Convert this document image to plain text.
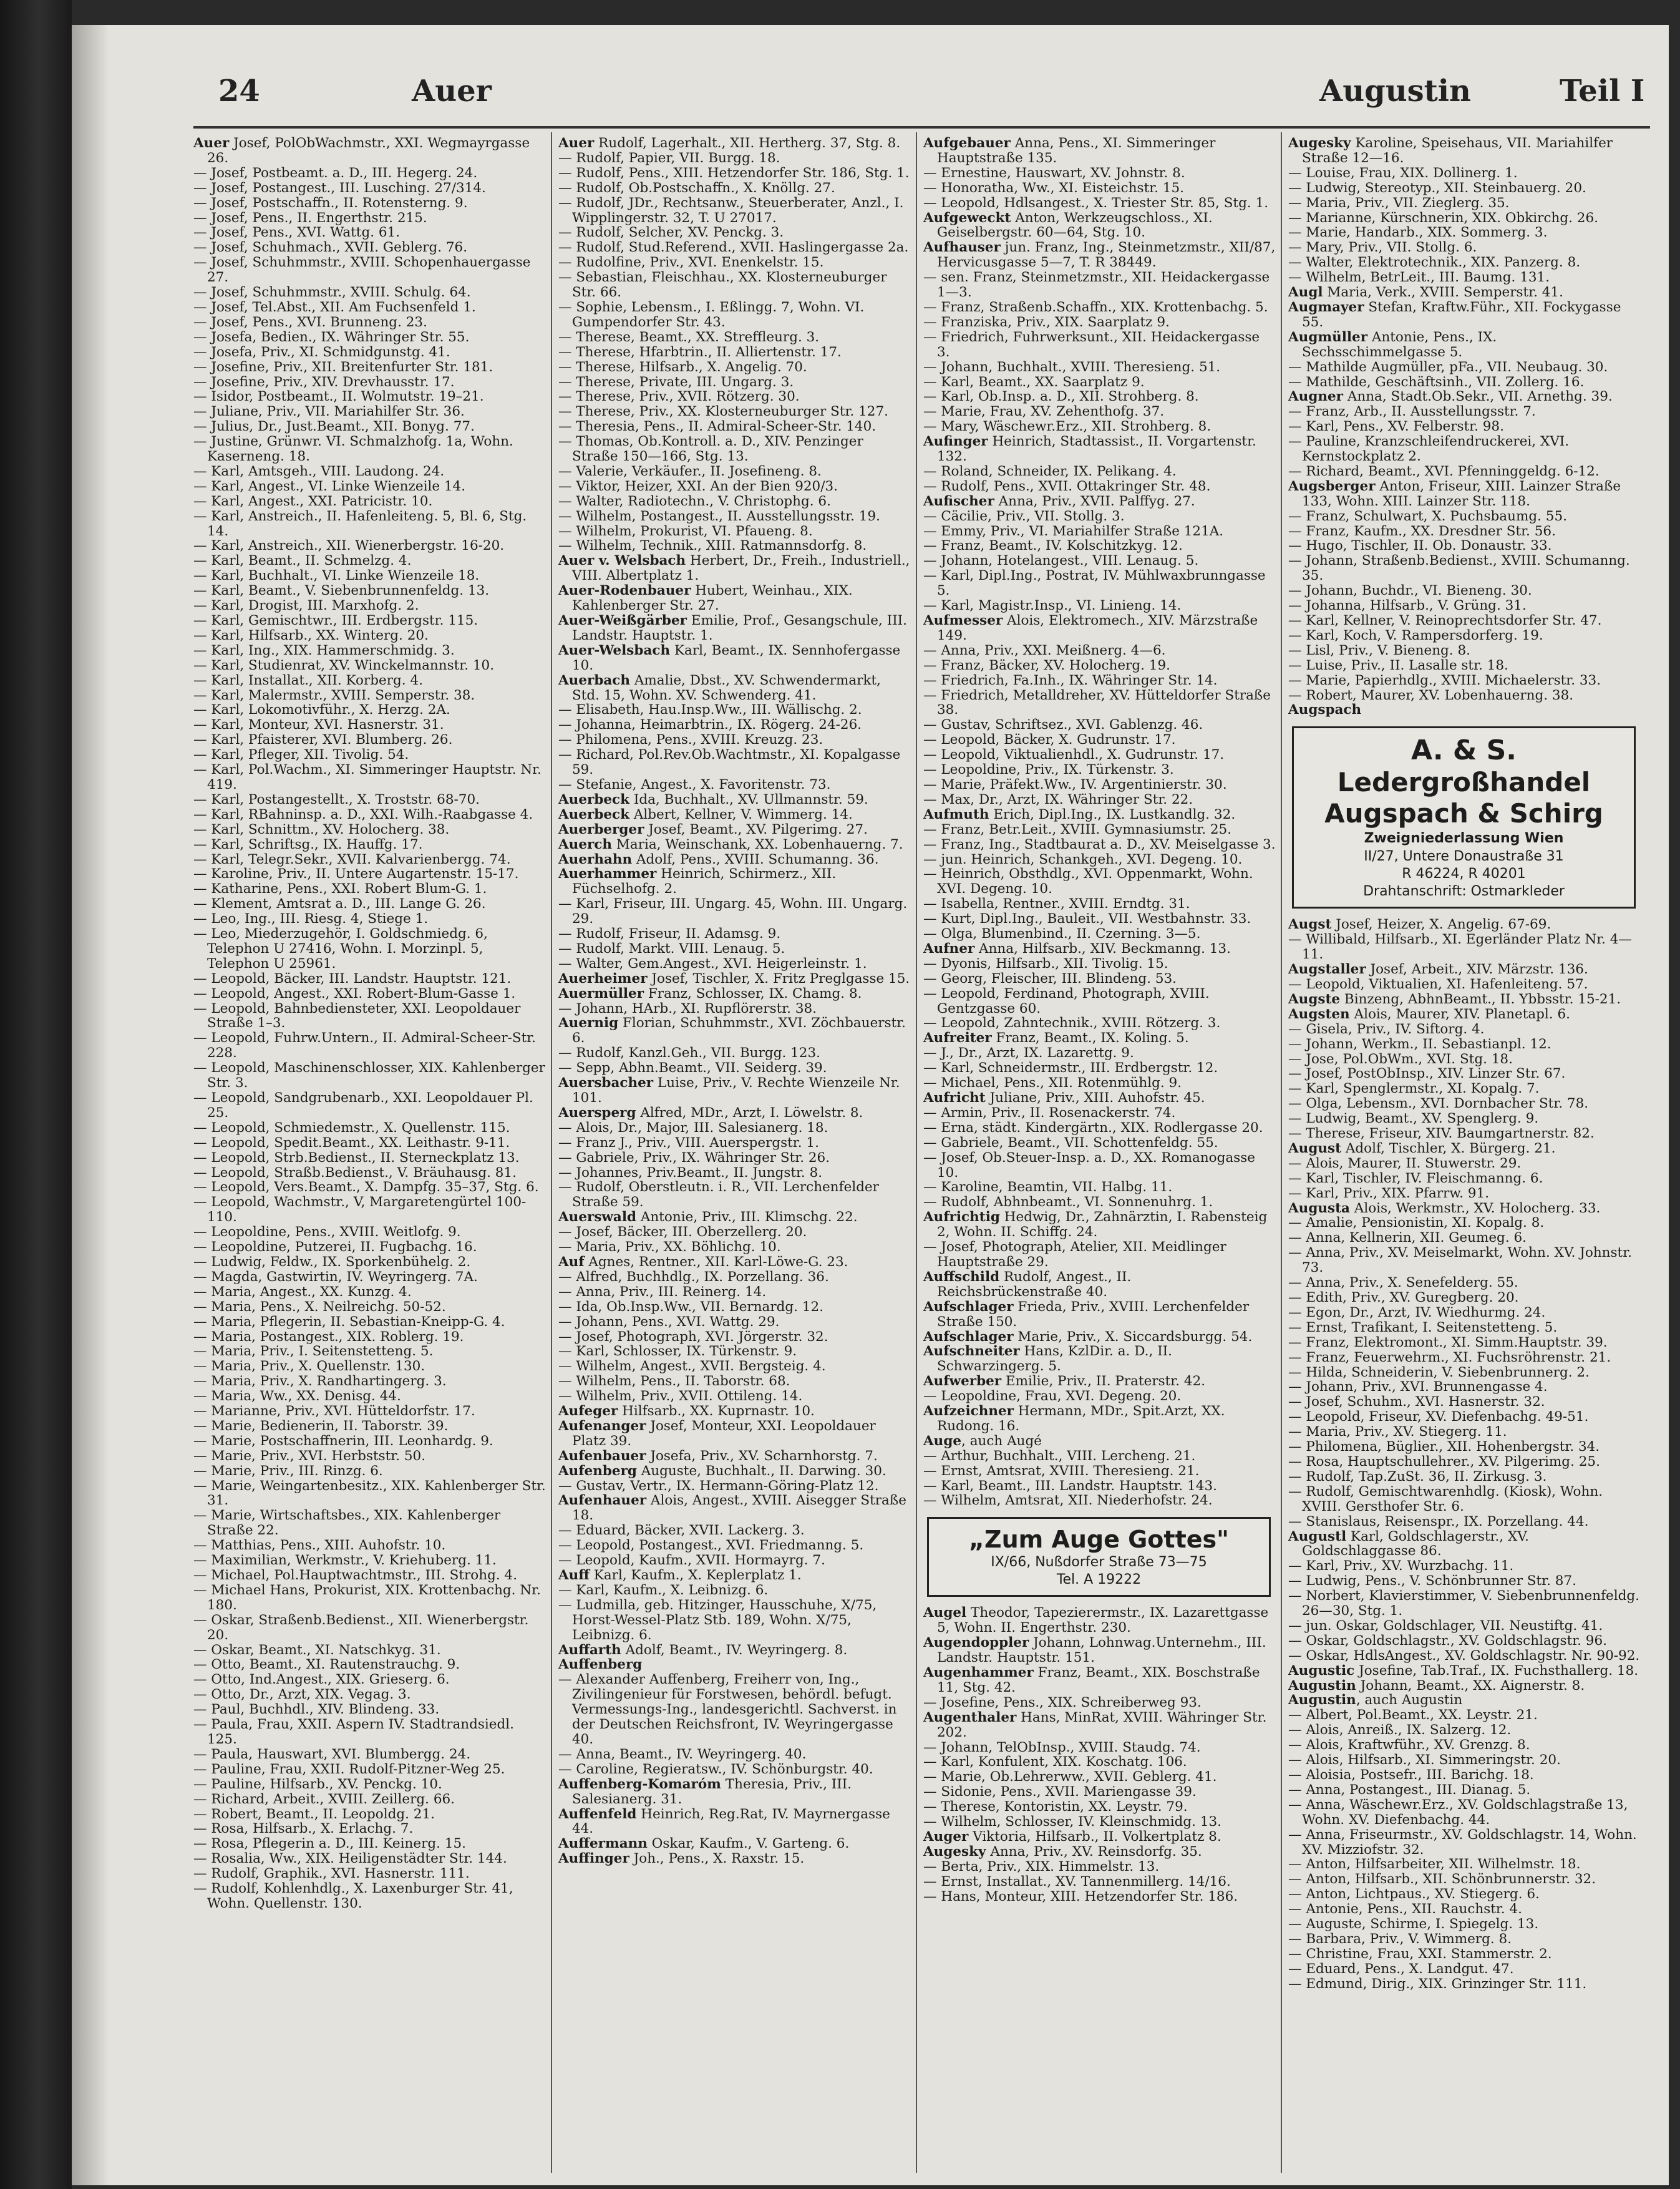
24	Auer	Augustin	Teil I

Auer Josef, PolObWachmstr., XXI. Wegmayrgasse 26.

— Josef, Postbeamt. a. D., III. Hegerg. 24.

— Josef, Postangest., III. Lusching. 27/314.

— Josef, Postschaffn., II. Rotensterng. 9.

— Josef, Pens., II. Engerthstr. 215.

— Josef, Pens., XVI. Wattg. 61.

— Josef, Schuhmach., XVII. Geblerg. 76.

— Josef, Schuhmmstr., XVIII. Schopenhauergasse 27.

— Josef, Schuhmmstr., XVIII. Schulg. 64.

— Josef, Tel.Abst., XII. Am Fuchsenfeld 1.

— Josef, Pens., XVI. Brunneng. 23.

— Josefa, Bedien., IX. Währinger Str. 55.

— Josefa, Priv., XI. Schmidgunstg. 41.

— Josefine, Priv., XII. Breitenfurter Str. 181.

— Josefine, Priv., XIV. Drevhausstr. 17.

— Isidor, Postbeamt., II. Wolmutstr. 19–21.

— Juliane, Priv., VII. Mariahilfer Str. 36.

— Julius, Dr., Just.Beamt., XII. Bonyg. 77.

— Justine, Grünwr. VI. Schmalzhofg. 1a, Wohn. Kaserneng. 18.

— Karl, Amtsgeh., VIII. Laudong. 24.

— Karl, Angest., VI. Linke Wienzeile 14.

— Karl, Angest., XXI. Patricistr. 10.

— Karl, Anstreich., II. Hafenleiteng. 5, Bl. 6, Stg. 14.

— Karl, Anstreich., XII. Wienerbergstr. 16-20.

— Karl, Beamt., II. Schmelzg. 4.

— Karl, Buchhalt., VI. Linke Wienzeile 18.

— Karl, Beamt., V. Siebenbrunnenfeldg. 13.

— Karl, Drogist, III. Marxhofg. 2.

— Karl, Gemischtwr., III. Erdbergstr. 115.

— Karl, Hilfsarb., XX. Winterg. 20.

— Karl, Ing., XIX. Hammerschmidg. 3.

— Karl, Studienrat, XV. Winckelmannstr. 10.

— Karl, Installat., XII. Korberg. 4.

— Karl, Malermstr., XVIII. Semperstr. 38.

— Karl, Lokomotivführ., X. Herzg. 2A.

— Karl, Monteur, XVI. Hasnerstr. 31.

— Karl, Pfaisterer, XVI. Blumberg. 26.

— Karl, Pfleger, XII. Tivolig. 54.

— Karl, Pol.Wachm., XI. Simmeringer Hauptstr. Nr. 419.

— Karl, Postangestellt., X. Troststr. 68-70.

— Karl, RBahninsp. a. D., XXI. Wilh.-Raabgasse 4.

— Karl, Schnittm., XV. Holocherg. 38.

— Karl, Schriftsg., IX. Hauffg. 17.

— Karl, Telegr.Sekr., XVII. Kalvarienbergg. 74.

— Karoline, Priv., II. Untere Augartenstr. 15-17.

— Katharine, Pens., XXI. Robert Blum-G. 1.

— Klement, Amtsrat a. D., III. Lange G. 26.

— Leo, Ing., III. Riesg. 4, Stiege 1.

— Leo, Miederzugehör, I. Goldschmiedg. 6, Telephon U 27416, Wohn. I. Morzinpl. 5, Telephon U 25961.

— Leopold, Bäcker, III. Landstr. Hauptstr. 121.

— Leopold, Angest., XXI. Robert-Blum-Gasse 1.

— Leopold, Bahnbediensteter, XXI. Leopoldauer Straße 1–3.

— Leopold, Fuhrw.Untern., II. Admiral-Scheer-Str. 228.

— Leopold, Maschinenschlosser, XIX. Kahlenberger Str. 3.

— Leopold, Sandgrubenarb., XXI. Leopoldauer Pl. 25.

— Leopold, Schmiedemstr., X. Quellenstr. 115.

— Leopold, Spedit.Beamt., XX. Leithastr. 9-11.

— Leopold, Strb.Bedienst., II. Sterneckplatz 13.

— Leopold, Straßb.Bedienst., V. Bräuhausg. 81.

— Leopold, Vers.Beamt., X. Dampfg. 35–37, Stg. 6.

— Leopold, Wachmstr., V, Margaretengürtel 100-110.

— Leopoldine, Pens., XVIII. Weitlofg. 9.

— Leopoldine, Putzerei, II. Fugbachg. 16.

— Ludwig, Feldw., IX. Sporkenbühelg. 2.

— Magda, Gastwirtin, IV. Weyringerg. 7A.

— Maria, Angest., XX. Kunzg. 4.

— Maria, Pens., X. Neilreichg. 50-52.

— Maria, Pflegerin, II. Sebastian-Kneipp-G. 4.

— Maria, Postangest., XIX. Roblerg. 19.

— Maria, Priv., I. Seitenstetteng. 5.

— Maria, Priv., X. Quellenstr. 130.

— Maria, Priv., X. Randhartingerg. 3.

— Maria, Ww., XX. Denisg. 44.

— Marianne, Priv., XVI. Hütteldorfstr. 17.

— Marie, Bedienerin, II. Taborstr. 39.

— Marie, Postschaffnerin, III. Leonhardg. 9.

— Marie, Priv., XVI. Herbststr. 50.

— Marie, Priv., III. Rinzg. 6.

— Marie, Weingartenbesitz., XIX. Kahlenberger Str. 31.

— Marie, Wirtschaftsbes., XIX. Kahlenberger Straße 22.

— Matthias, Pens., XIII. Auhofstr. 10.

— Maximilian, Werkmstr., V. Kriehuberg. 11.

— Michael, Pol.Hauptwachtmstr., III. Strohg. 4.

— Michael Hans, Prokurist, XIX. Krottenbachg. Nr. 180.

— Oskar, Straßenb.Bedienst., XII. Wienerbergstr. 20.

— Oskar, Beamt., XI. Natschkyg. 31.

— Otto, Beamt., XI. Rautenstrauchg. 9.

— Otto, Ind.Angest., XIX. Grieserg. 6.

— Otto, Dr., Arzt, XIX. Vegag. 3.

— Paul, Buchhdl., XIV. Blindeng. 33.

— Paula, Frau, XXII. Aspern IV. Stadtrandsiedl. 125.

— Paula, Hauswart, XVI. Blumbergg. 24.

— Pauline, Frau, XXII. Rudolf-Pitzner-Weg 25.

— Pauline, Hilfsarb., XV. Penckg. 10.

— Richard, Arbeit., XVIII. Zeillerg. 66.

— Robert, Beamt., II. Leopoldg. 21.

— Rosa, Hilfsarb., X. Erlachg. 7.

— Rosa, Pflegerin a. D., III. Keinerg. 15.

— Rosalia, Ww., XIX. Heiligenstädter Str. 144.

— Rudolf, Graphik., XVI. Hasnerstr. 111.

— Rudolf, Kohlenhdlg., X. Laxenburger Str. 41, Wohn. Quellenstr. 130.

Auer Rudolf, Lagerhalt., XII. Hertherg. 37, Stg. 8.

— Rudolf, Papier, VII. Burgg. 18.

— Rudolf, Pens., XIII. Hetzendorfer Str. 186, Stg. 1.

— Rudolf, Ob.Postschaffn., X. Knöllg. 27.

— Rudolf, JDr., Rechtsanw., Steuerberater, Anzl., I. Wipplingerstr. 32, T. U 27017.

— Rudolf, Selcher, XV. Penckg. 3.

— Rudolf, Stud.Referend., XVII. Haslingergasse 2a.

— Rudolfine, Priv., XVI. Enenkelstr. 15.

— Sebastian, Fleischhau., XX. Klosterneuburger Str. 66.

— Sophie, Lebensm., I. Eßlingg. 7, Wohn. VI. Gumpendorfer Str. 43.

— Therese, Beamt., XX. Streffleurg. 3.

— Therese, Hfarbtrin., II. Alliertenstr. 17.

— Therese, Hilfsarb., X. Angelig. 70.

— Therese, Private, III. Ungarg. 3.

— Therese, Priv., XVII. Rötzerg. 30.

— Therese, Priv., XX. Klosterneuburger Str. 127.

— Theresia, Pens., II. Admiral-Scheer-Str. 140.

— Thomas, Ob.Kontroll. a. D., XIV. Penzinger Straße 150—166, Stg. 13.

— Valerie, Verkäufer., II. Josefineng. 8.

— Viktor, Heizer, XXI. An der Bien 920/3.

— Walter, Radiotechn., V. Christophg. 6.

— Wilhelm, Postangest., II. Ausstellungsstr. 19.

— Wilhelm, Prokurist, VI. Pfaueng. 8.

— Wilhelm, Technik., XIII. Ratmannsdorfg. 8.

Auer v. Welsbach Herbert, Dr., Freih., Industriell., VIII. Albertplatz 1.

Auer-Rodenbauer Hubert, Weinhau., XIX. Kahlenberger Str. 27.

Auer-Weißgärber Emilie, Prof., Gesangschule, III. Landstr. Hauptstr. 1.

Auer-Welsbach Karl, Beamt., IX. Sennhofergasse 10.

Auerbach Amalie, Dbst., XV. Schwendermarkt, Std. 15, Wohn. XV. Schwenderg. 41.

— Elisabeth, Hau.Insp.Ww., III. Wällischg. 2.

— Johanna, Heimarbtrin., IX. Rögerg. 24-26.

— Philomena, Pens., XVIII. Kreuzg. 23.

— Richard, Pol.Rev.Ob.Wachtmstr., XI. Kopalgasse 59.

— Stefanie, Angest., X. Favoritenstr. 73.

Auerbeck Ida, Buchhalt., XV. Ullmannstr. 59.

Auerbeck Albert, Kellner, V. Wimmerg. 14.

Auerberger Josef, Beamt., XV. Pilgerimg. 27.

Auerch Maria, Weinschank, XX. Lobenhauerng. 7.

Auerhahn Adolf, Pens., XVIII. Schumanng. 36.

Auerhammer Heinrich, Schirmerz., XII. Füchselhofg. 2.

— Karl, Friseur, III. Ungarg. 45, Wohn. III. Ungarg. 29.

— Rudolf, Friseur, II. Adamsg. 9.

— Rudolf, Markt. VIII. Lenaug. 5.

— Walter, Gem.Angest., XVI. Heigerleinstr. 1.

Auerheimer Josef, Tischler, X. Fritz Preglgasse 15.

Auermüller Franz, Schlosser, IX. Chamg. 8.

— Johann, HArb., XI. Rupflörerstr. 38.

Auernig Florian, Schuhmmstr., XVI. Zöchbauerstr. 6.

— Rudolf, Kanzl.Geh., VII. Burgg. 123.

— Sepp, Abhn.Beamt., VII. Seiderg. 39.

Auersbacher Luise, Priv., V. Rechte Wienzeile Nr. 101.

Auersperg Alfred, MDr., Arzt, I. Löwelstr. 8.

— Alois, Dr., Major, III. Salesianerg. 18.

— Franz J., Priv., VIII. Auerspergstr. 1.

— Gabriele, Priv., IX. Währinger Str. 26.

— Johannes, Priv.Beamt., II. Jungstr. 8.

— Rudolf, Oberstleutn. i. R., VII. Lerchenfelder Straße 59.

Auerswald Antonie, Priv., III. Klimschg. 22.

— Josef, Bäcker, III. Oberzellerg. 20.

— Maria, Priv., XX. Böhlichg. 10.

Auf Agnes, Rentner., XII. Karl-Löwe-G. 23.

— Alfred, Buchhdlg., IX. Porzellang. 36.

— Anna, Priv., III. Reinerg. 14.

— Ida, Ob.Insp.Ww., VII. Bernardg. 12.

— Johann, Pens., XVI. Wattg. 29.

— Josef, Photograph, XVI. Jörgerstr. 32.

— Karl, Schlosser, IX. Türkenstr. 9.

— Wilhelm, Angest., XVII. Bergsteig. 4.

— Wilhelm, Pens., II. Taborstr. 68.

— Wilhelm, Priv., XVII. Ottileng. 14.

Aufeger Hilfsarb., XX. Kuprnastr. 10.

Aufenanger Josef, Monteur, XXI. Leopoldauer Platz 39.

Aufenbauer Josefa, Priv., XV. Scharnhorstg. 7.

Aufenberg Auguste, Buchhalt., II. Darwing. 30.

— Gustav, Vertr., IX. Hermann-Göring-Platz 12.

Aufenhauer Alois, Angest., XVIII. Aisegger Straße 18.

— Eduard, Bäcker, XVII. Lackerg. 3.

— Leopold, Postangest., XVI. Friedmanng. 5.

— Leopold, Kaufm., XVII. Hormayrg. 7.

Auff Karl, Kaufm., X. Keplerplatz 1.

— Karl, Kaufm., X. Leibnizg. 6.

— Ludmilla, geb. Hitzinger, Hausschuhe, X/75, Horst-Wessel-Platz Stb. 189, Wohn. X/75, Leibnizg. 6.

Auffarth Adolf, Beamt., IV. Weyringerg. 8.

Auffenberg

— Alexander Auffenberg, Freiherr von, Ing., Zivilingenieur für Forstwesen, behördl. befugt. Vermessungs-Ing., landesgerichtl. Sachverst. in der Deutschen Reichsfront, IV. Weyringergasse 40.

— Anna, Beamt., IV. Weyringerg. 40.

— Caroline, Regieratsw., IV. Schönburgstr. 40.

Auffenberg-Komaróm Theresia, Priv., III. Salesianerg. 31.

Auffenfeld Heinrich, Reg.Rat, IV. Mayrnergasse 44.

Auffermann Oskar, Kaufm., V. Garteng. 6.

Auffinger Joh., Pens., X. Raxstr. 15.

Aufgebauer Anna, Pens., XI. Simmeringer Hauptstraße 135.

— Ernestine, Hauswart, XV. Johnstr. 8.

— Honoratha, Ww., XI. Eisteichstr. 15.

— Leopold, Hdlsangest., X. Triester Str. 85, Stg. 1.

Aufgeweckt Anton, Werkzeugschloss., XI. Geiselbergstr. 60—64, Stg. 10.

Aufhauser jun. Franz, Ing., Steinmetzmstr., XII/87, Hervicusgasse 5—7, T. R 38449.

— sen. Franz, Steinmetzmstr., XII. Heidackergasse 1—3.

— Franz, Straßenb.Schaffn., XIX. Krottenbachg. 5.

— Franziska, Priv., XIX. Saarplatz 9.

— Friedrich, Fuhrwerksunt., XII. Heidackergasse 3.

— Johann, Buchhalt., XVIII. Theresieng. 51.

— Karl, Beamt., XX. Saarplatz 9.

— Karl, Ob.Insp. a. D., XII. Strohberg. 8.

— Marie, Frau, XV. Zehenthofg. 37.

— Mary, Wäschewr.Erz., XII. Strohberg. 8.

Aufinger Heinrich, Stadtassist., II. Vorgartenstr. 132.

— Roland, Schneider, IX. Pelikang. 4.

— Rudolf, Pens., XVII. Ottakringer Str. 48.

Aufischer Anna, Priv., XVII. Palffyg. 27.

— Cäcilie, Priv., VII. Stollg. 3.

— Emmy, Priv., VI. Mariahilfer Straße 121A.

— Franz, Beamt., IV. Kolschitzkyg. 12.

— Johann, Hotelangest., VIII. Lenaug. 5.

— Karl, Dipl.Ing., Postrat, IV. Mühlwaxbrunngasse 5.

— Karl, Magistr.Insp., VI. Linieng. 14.

Aufmesser Alois, Elektromech., XIV. Märzstraße 149.

— Anna, Priv., XXI. Meißnerg. 4—6.

— Franz, Bäcker, XV. Holocherg. 19.

— Friedrich, Fa.Inh., IX. Währinger Str. 14.

— Friedrich, Metalldreher, XV. Hütteldorfer Straße 38.

— Gustav, Schriftsez., XVI. Gablenzg. 46.

— Leopold, Bäcker, X. Gudrunstr. 17.

— Leopold, Viktualienhdl., X. Gudrunstr. 17.

— Leopoldine, Priv., IX. Türkenstr. 3.

— Marie, Präfekt.Ww., IV. Argentinierstr. 30.

— Max, Dr., Arzt, IX. Währinger Str. 22.

Aufmuth Erich, Dipl.Ing., IX. Lustkandlg. 32.

— Franz, Betr.Leit., XVIII. Gymnasiumstr. 25.

— Franz, Ing., Stadtbaurat a. D., XV. Meiselgasse 3.

— jun. Heinrich, Schankgeh., XVI. Degeng. 10.

— Heinrich, Obsthdlg., XVI. Oppenmarkt, Wohn. XVI. Degeng. 10.

— Isabella, Rentner., XVIII. Erndtg. 31.

— Kurt, Dipl.Ing., Bauleit., VII. Westbahnstr. 33.

— Olga, Blumenbind., II. Czerning. 3—5.

Aufner Anna, Hilfsarb., XIV. Beckmanng. 13.

— Dyonis, Hilfsarb., XII. Tivolig. 15.

— Georg, Fleischer, III. Blindeng. 53.

— Leopold, Ferdinand, Photograph, XVIII. Gentzgasse 60.

— Leopold, Zahntechnik., XVIII. Rötzerg. 3.

Aufreiter Franz, Beamt., IX. Koling. 5.

— J., Dr., Arzt, IX. Lazarettg. 9.

— Karl, Schneidermstr., III. Erdbergstr. 12.

— Michael, Pens., XII. Rotenmühlg. 9.

Aufricht Juliane, Priv., XIII. Auhofstr. 45.

— Armin, Priv., II. Rosenackerstr. 74.

— Erna, städt. Kindergärtn., XIX. Rodlergasse 20.

— Gabriele, Beamt., VII. Schottenfeldg. 55.

— Josef, Ob.Steuer-Insp. a. D., XX. Romanogasse 10.

— Karoline, Beamtin, VII. Halbg. 11.

— Rudolf, Abhnbeamt., VI. Sonnenuhrg. 1.

Aufrichtig Hedwig, Dr., Zahnärztin, I. Rabensteig 2, Wohn. II. Schiffg. 24.

— Josef, Photograph, Atelier, XII. Meidlinger Hauptstraße 29.

Auffschild Rudolf, Angest., II. Reichsbrückenstraße 40.

Aufschlager Frieda, Priv., XVIII. Lerchenfelder Straße 150.

Aufschlager Marie, Priv., X. Siccardsburgg. 54.

Aufschneiter Hans, KzlDir. a. D., II. Schwarzingerg. 5.

Aufwerber Emilie, Priv., II. Praterstr. 42.

— Leopoldine, Frau, XVI. Degeng. 20.

Aufzeichner Hermann, MDr., Spit.Arzt, XX. Rudong. 16.

Auge, auch Augé

— Arthur, Buchhalt., VIII. Lercheng. 21.

— Ernst, Amtsrat, XVIII. Theresieng. 21.

— Karl, Beamt., III. Landstr. Hauptstr. 143.

— Wilhelm, Amtsrat, XII. Niederhofstr. 24.

„Zum Auge Gottes"
IX/66, Nußdorfer Straße 73—75
Tel. A 19222

Augel Theodor, Tapezierermstr., IX. Lazarettgasse 5, Wohn. II. Engerthstr. 230.

Augendoppler Johann, Lohnwag.Unternehm., III. Landstr. Hauptstr. 151.

Augenhammer Franz, Beamt., XIX. Boschstraße 11, Stg. 42.

— Josefine, Pens., XIX. Schreiberweg 93.

Augenthaler Hans, MinRat, XVIII. Währinger Str. 202.

— Johann, TelObInsp., XVIII. Staudg. 74.

— Karl, Konfulent, XIX. Koschatg. 106.

— Marie, Ob.Lehrerww., XVII. Geblerg. 41.

— Sidonie, Pens., XVII. Mariengasse 39.

— Therese, Kontoristin, XX. Leystr. 79.

— Wilhelm, Schlosser, IV. Kleinschmidg. 13.

Auger Viktoria, Hilfsarb., II. Volkertplatz 8.

Augesky Anna, Priv., XV. Reinsdorfg. 35.

— Berta, Priv., XIX. Himmelstr. 13.

— Ernst, Installat., XV. Tannenmillerg. 14/16.

— Hans, Monteur, XIII. Hetzendorfer Str. 186.

Augesky Karoline, Speisehaus, VII. Mariahilfer Straße 12—16.

— Louise, Frau, XIX. Dollinerg. 1.

— Ludwig, Stereotyp., XII. Steinbauerg. 20.

— Maria, Priv., VII. Zieglerg. 35.

— Marianne, Kürschnerin, XIX. Obkirchg. 26.

— Marie, Handarb., XIX. Sommerg. 3.

— Mary, Priv., VII. Stollg. 6.

— Walter, Elektrotechnik., XIX. Panzerg. 8.

— Wilhelm, BetrLeit., III. Baumg. 131.

Augl Maria, Verk., XVIII. Semperstr. 41.

Augmayer Stefan, Kraftw.Führ., XII. Fockygasse 55.

Augmüller Antonie, Pens., IX. Sechsschimmelgasse 5.

— Mathilde Augmüller, pFa., VII. Neubaug. 30.

— Mathilde, Geschäftsinh., VII. Zollerg. 16.

Augner Anna, Stadt.Ob.Sekr., VII. Arnethg. 39.

— Franz, Arb., II. Ausstellungsstr. 7.

— Karl, Pens., XV. Felberstr. 98.

— Pauline, Kranzschleifendruckerei, XVI. Kernstockplatz 2.

— Richard, Beamt., XVI. Pfenninggeldg. 6-12.

Augsberger Anton, Friseur, XIII. Lainzer Straße 133, Wohn. XIII. Lainzer Str. 118.

— Franz, Schulwart, X. Puchsbaumg. 55.

— Franz, Kaufm., XX. Dresdner Str. 56.

— Hugo, Tischler, II. Ob. Donaustr. 33.

— Johann, Straßenb.Bedienst., XVIII. Schumanng. 35.

— Johann, Buchdr., VI. Bieneng. 30.

— Johanna, Hilfsarb., V. Grüng. 31.

— Karl, Kellner, V. Reinoprechtsdorfer Str. 47.

— Karl, Koch, V. Rampersdorferg. 19.

— Lisl, Priv., V. Bieneng. 8.

— Luise, Priv., II. Lasalle str. 18.

— Marie, Papierhdlg., XVIII. Michaelerstr. 33.

— Robert, Maurer, XV. Lobenhauerng. 38.

Augspach

A. & S.
Ledergroßhandel
Augspach & Schirg
Zweigniederlassung Wien
II/27, Untere Donaustraße 31
R 46224, R 40201
Drahtanschrift: Ostmarkleder

Augst Josef, Heizer, X. Angelig. 67-69.

— Willibald, Hilfsarb., XI. Egerländer Platz Nr. 4—11.

Augstaller Josef, Arbeit., XIV. Märzstr. 136.

— Leopold, Viktualien, XI. Hafenleiteng. 57.

Augste Binzeng, AbhnBeamt., II. Ybbsstr. 15-21.

Augsten Alois, Maurer, XIV. Planetapl. 6.

— Gisela, Priv., IV. Siftorg. 4.

— Johann, Werkm., II. Sebastianpl. 12.

— Jose, Pol.ObWm., XVI. Stg. 18.

— Josef, PostObInsp., XIV. Linzer Str. 67.

— Karl, Spenglermstr., XI. Kopalg. 7.

— Olga, Lebensm., XVI. Dornbacher Str. 78.

— Ludwig, Beamt., XV. Spenglerg. 9.

— Therese, Friseur, XIV. Baumgartnerstr. 82.

August Adolf, Tischler, X. Bürgerg. 21.

— Alois, Maurer, II. Stuwerstr. 29.

— Karl, Tischler, IV. Fleischmanng. 6.

— Karl, Priv., XIX. Pfarrw. 91.

Augusta Alois, Werkmstr., XV. Holocherg. 33.

— Amalie, Pensionistin, XI. Kopalg. 8.

— Anna, Kellnerin, XII. Geumeg. 6.

— Anna, Priv., XV. Meiselmarkt, Wohn. XV. Johnstr. 73.

— Anna, Priv., X. Senefelderg. 55.

— Edith, Priv., XV. Guregberg. 20.

— Egon, Dr., Arzt, IV. Wiedhurmg. 24.

— Ernst, Trafikant, I. Seitenstetteng. 5.

— Franz, Elektromont., XI. Simm.Hauptstr. 39.

— Franz, Feuerwehrm., XI. Fuchsröhrenstr. 21.

— Hilda, Schneiderin, V. Siebenbrunnerg. 2.

— Johann, Priv., XVI. Brunnengasse 4.

— Josef, Schuhm., XVI. Hasnerstr. 32.

— Leopold, Friseur, XV. Diefenbachg. 49-51.

— Maria, Priv., XV. Stiegerg. 11.

— Philomena, Büglier., XII. Hohenbergstr. 34.

— Rosa, Hauptschullehrer., XV. Pilgerimg. 25.

— Rudolf, Tap.ZuSt. 36, II. Zirkusg. 3.

— Rudolf, Gemischtwarenhdlg. (Kiosk), Wohn. XVIII. Gersthofer Str. 6.

— Stanislaus, Reisenspr., IX. Porzellang. 44.

Augustl Karl, Goldschlagerstr., XV. Goldschlaggasse 86.

— Karl, Priv., XV. Wurzbachg. 11.

— Ludwig, Pens., V. Schönbrunner Str. 87.

— Norbert, Klavierstimmer, V. Siebenbrunnenfeldg. 26—30, Stg. 1.

— jun. Oskar, Goldschlager, VII. Neustiftg. 41.

— Oskar, Goldschlagstr., XV. Goldschlagstr. 96.

— Oskar, HdlsAngest., XV. Goldschlagstr. Nr. 90-92.

Augustic Josefine, Tab.Traf., IX. Fuchsthallerg. 18.

Augustin Johann, Beamt., XX. Aignerstr. 8.

Augustin, auch Augustin

— Albert, Pol.Beamt., XX. Leystr. 21.

— Alois, Anreiß., IX. Salzerg. 12.

— Alois, Kraftwführ., XV. Grenzg. 8.

— Alois, Hilfsarb., XI. Simmeringstr. 20.

— Aloisia, Postsefr., III. Barichg. 18.

— Anna, Postangest., III. Dianag. 5.

— Anna, Wäschewr.Erz., XV. Goldschlagstraße 13, Wohn. XV. Diefenbachg. 44.

— Anna, Friseurmstr., XV. Goldschlagstr. 14, Wohn. XV. Mizziofstr. 32.

— Anton, Hilfsarbeiter, XII. Wilhelmstr. 18.

— Anton, Hilfsarb., XII. Schönbrunnerstr. 32.

— Anton, Lichtpaus., XV. Stiegerg. 6.

— Antonie, Pens., XII. Rauchstr. 4.

— Auguste, Schirme, I. Spiegelg. 13.

— Barbara, Priv., V. Wimmerg. 8.

— Christine, Frau, XXI. Stammerstr. 2.

— Eduard, Pens., X. Landgut. 47.

— Edmund, Dirig., XIX. Grinzinger Str. 111.
